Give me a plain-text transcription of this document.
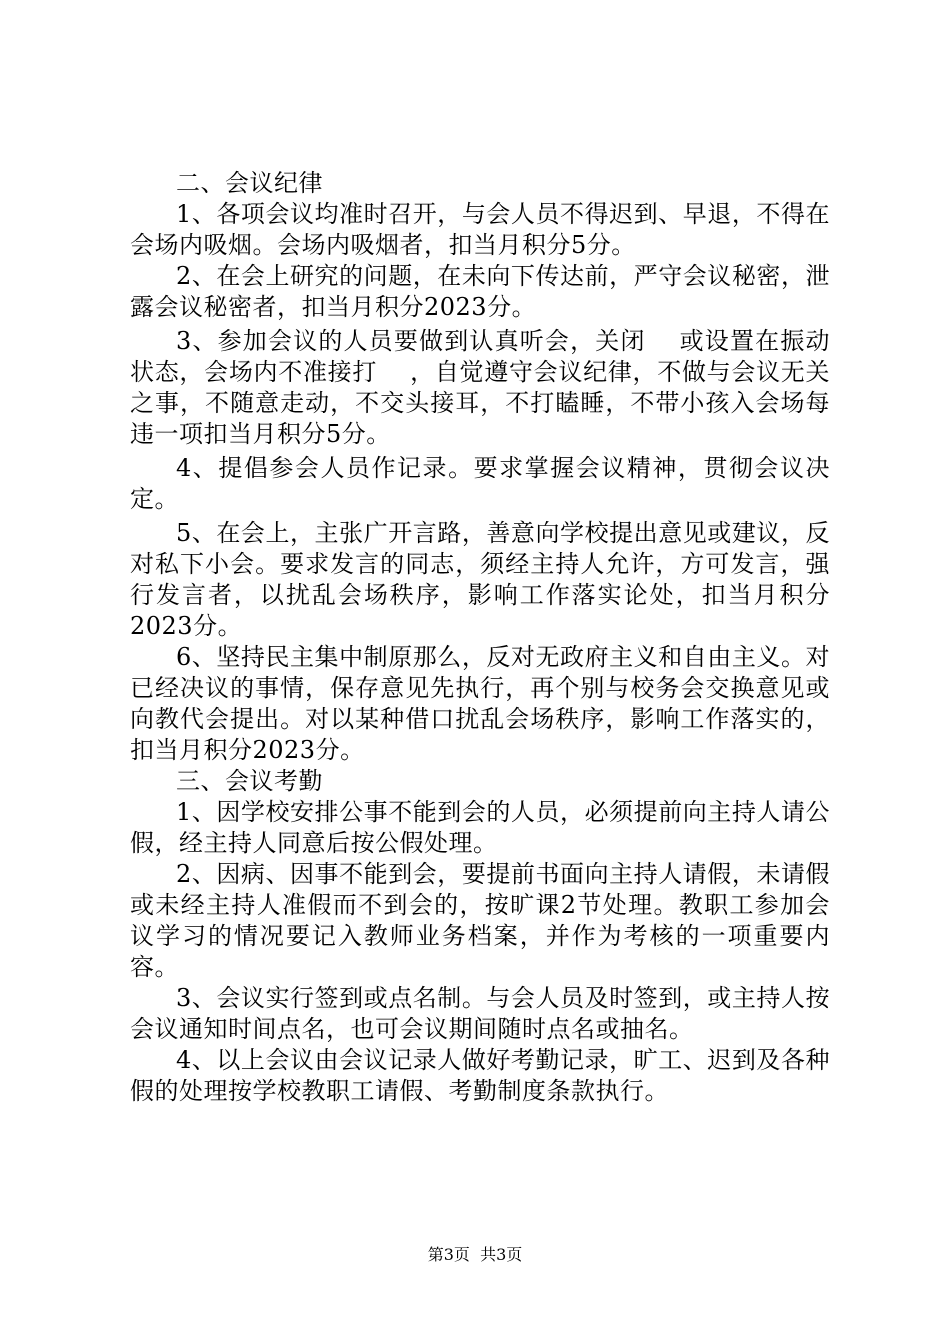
二、会议纪律

1、各项会议均准时召开，与会人员不得迟到、早退，不得在会场内吸烟。会场内吸烟者，扣当月积分5分。

2、在会上研究的问题，在未向下传达前，严守会议秘密，泄露会议秘密者，扣当月积分2023分。

3、参加会议的人员要做到认真听会，关闭　 或设置在振动状态，会场内不准接打　 ，自觉遵守会议纪律，不做与会议无关之事，不随意走动，不交头接耳，不打瞌睡，不带小孩入会场每违一项扣当月积分5分。

4、提倡参会人员作记录。要求掌握会议精神，贯彻会议决定。

5、在会上，主张广开言路，善意向学校提出意见或建议，反对私下小会。要求发言的同志，须经主持人允许，方可发言，强行发言者，以扰乱会场秩序，影响工作落实论处，扣当月积分2023分。

6、坚持民主集中制原那么，反对无政府主义和自由主义。对已经决议的事情，保存意见先执行，再个别与校务会交换意见或向教代会提出。对以某种借口扰乱会场秩序，影响工作落实的，扣当月积分2023分。

三、会议考勤

1、因学校安排公事不能到会的人员，必须提前向主持人请公假，经主持人同意后按公假处理。

2、因病、因事不能到会，要提前书面向主持人请假，未请假或未经主持人准假而不到会的，按旷课2节处理。教职工参加会议学习的情况要记入教师业务档案，并作为考核的一项重要内容。

3、会议实行签到或点名制。与会人员及时签到，或主持人按会议通知时间点名，也可会议期间随时点名或抽名。

4、以上会议由会议记录人做好考勤记录，旷工、迟到及各种假的处理按学校教职工请假、考勤制度条款执行。

第3页  共3页
